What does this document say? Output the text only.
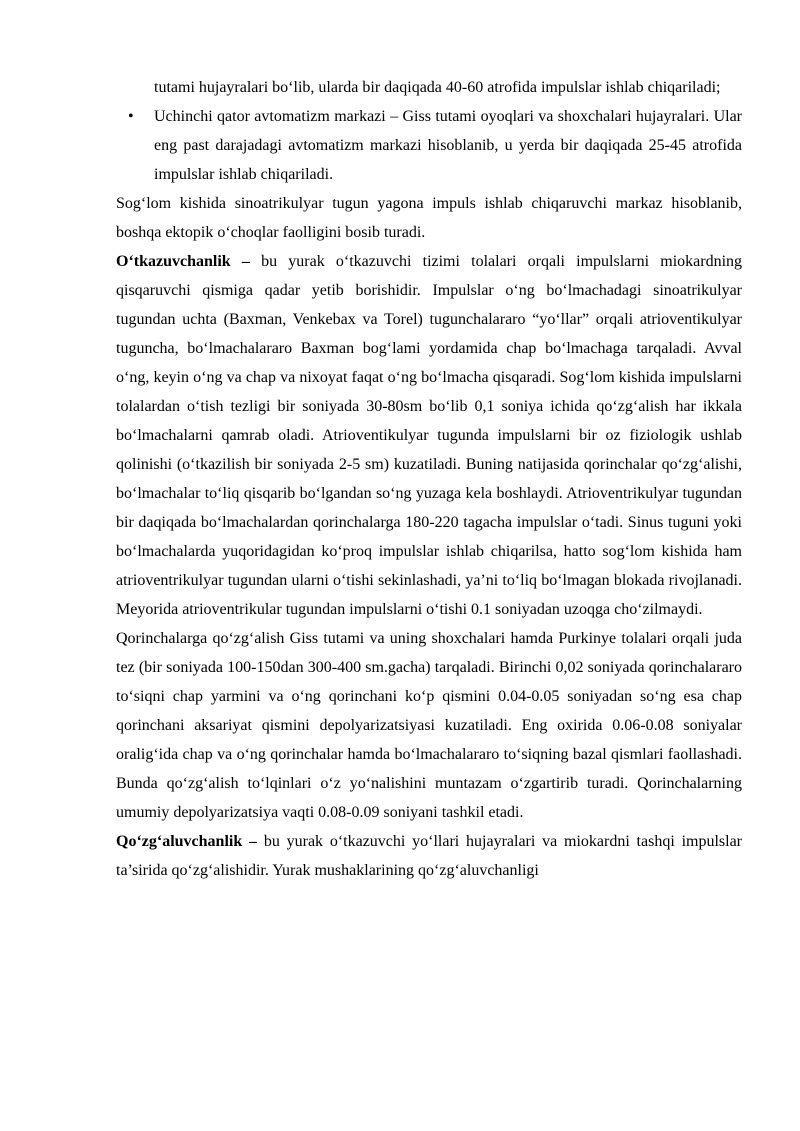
tutami hujayralari boʻlib, ularda bir daqiqada 40-60 atrofida impulslar ishlab chiqariladi;

• Uchinchi qator avtomatizm markazi – Giss tutami oyoqlari va shoxchalari hujayralari. Ular eng past darajadagi avtomatizm markazi hisoblanib, u yerda bir daqiqada 25-45 atrofida impulslar ishlab chiqariladi.

Sogʻlom kishida sinoatrikulyar tugun yagona impuls ishlab chiqaruvchi markaz hisoblanib, boshqa ektopik oʻchoqlar faolligini bosib turadi.

Oʻtkazuvchanlik – bu yurak oʻtkazuvchi tizimi tolalari orqali impulslarni miokardning qisqaruvchi qismiga qadar yetib borishidir. Impulslar oʻng boʻlmachadagi sinoatrikulyar tugundan uchta (Baxman, Venkebax va Torel) tugunchalararo “yoʻllar” orqali atrioventikulyar tuguncha, boʻlmachalararo Baxman bogʻlami yordamida chap boʻlmachaga tarqaladi. Avval oʻng, keyin oʻng va chap va nixoyat faqat oʻng boʻlmacha qisqaradi. Sogʻlom kishida impulslarni tolalardan oʻtish tezligi bir soniyada 30-80sm boʻlib 0,1 soniya ichida qoʻzgʻalish har ikkala boʻlmachalarni qamrab oladi. Atrioventikulyar tugunda impulslarni bir oz fiziologik ushlab qolinishi (oʻtkazilish bir soniyada 2-5 sm) kuzatiladi. Buning natijasida qorinchalar qoʻzgʻalishi, boʻlmachalar toʻliq qisqarib boʻlgandan soʻng yuzaga kela boshlaydi. Atrioventrikulyar tugundan bir daqiqada boʻlmachalardan qorinchalarga 180-220 tagacha impulslar oʻtadi. Sinus tuguni yoki boʻlmachalarda yuqoridagidan koʻproq impulslar ishlab chiqarilsa, hatto sogʻlom kishida ham atrioventrikulyar tugundan ularni oʻtishi sekinlashadi, ya’ni toʻliq boʻlmagan blokada rivojlanadi. Meyorida atrioventrikular tugundan impulslarni oʻtishi 0.1 soniyadan uzoqga choʻzilmaydi.

Qorinchalarga qoʻzgʻalish Giss tutami va uning shoxchalari hamda Purkinye tolalari orqali juda tez (bir soniyada 100-150dan 300-400 sm.gacha) tarqaladi. Birinchi 0,02 soniyada qorinchalararo toʻsiqni chap yarmini va oʻng qorinchani koʻp qismini 0.04-0.05 soniyadan soʻng esa chap qorinchani aksariyat qismini depolyarizatsiyasi kuzatiladi. Eng oxirida 0.06-0.08 soniyalar oraligʻida chap va oʻng qorinchalar hamda boʻlmachalararo toʻsiqning bazal qismlari faollashadi. Bunda qoʻzgʻalish toʻlqinlari oʻz yoʻnalishini muntazam oʻzgartirib turadi. Qorinchalarning umumiy depolyarizatsiya vaqti 0.08-0.09 soniyani tashkil etadi.

Qoʻzgʻaluvchanlik – bu yurak oʻtkazuvchi yoʻllari hujayralari va miokardni tashqi impulslar ta’sirida qoʻzgʻalishidir. Yurak mushaklarining qoʻzgʻaluvchanligi
